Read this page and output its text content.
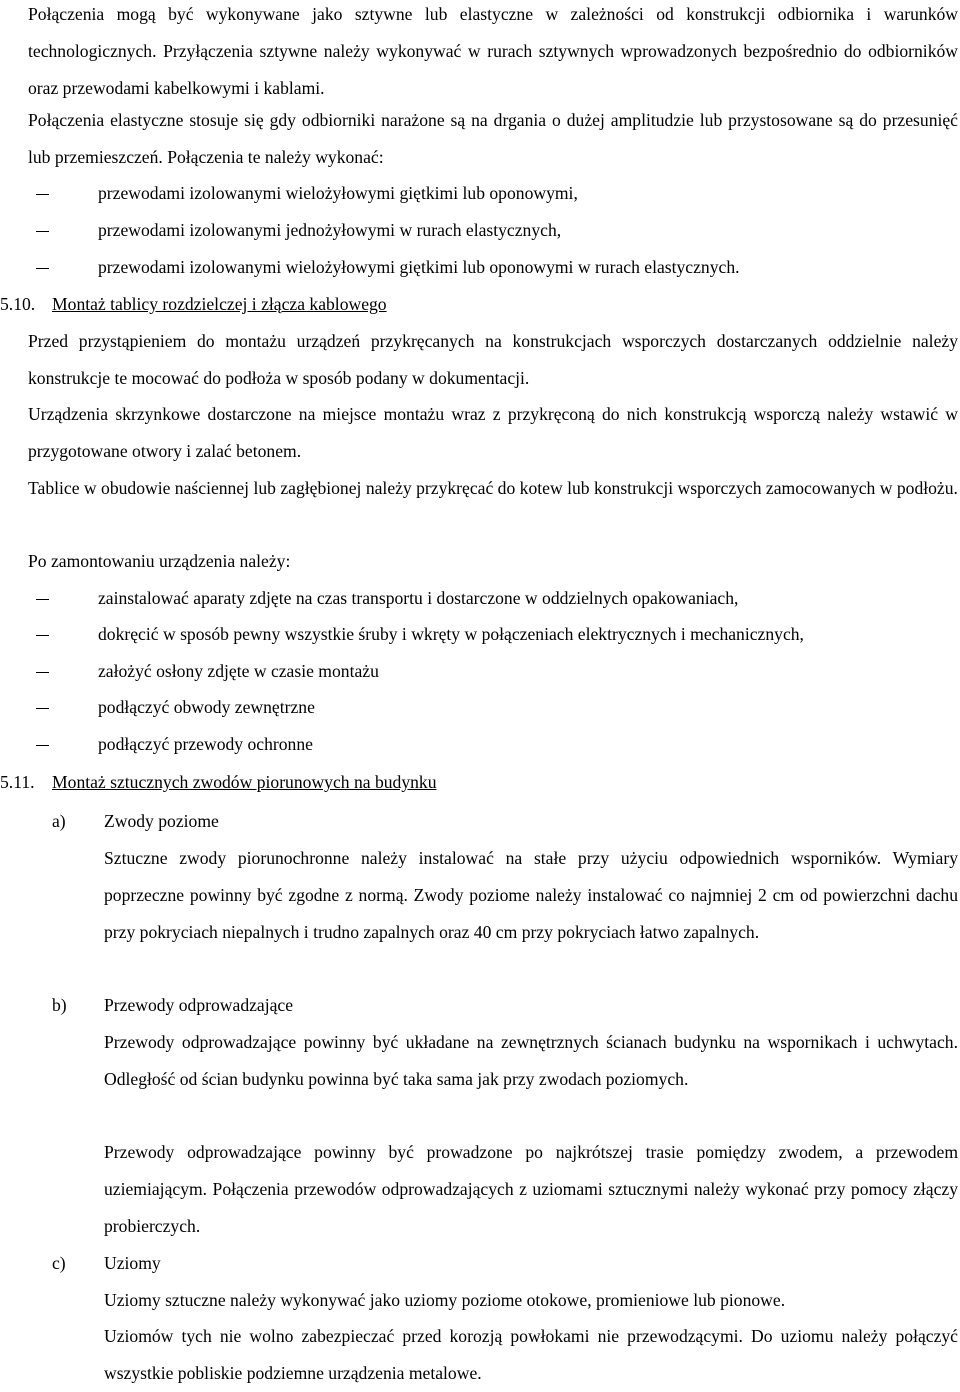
Połączenia mogą być wykonywane jako sztywne lub elastyczne w zależności od konstrukcji odbiornika i warunków technologicznych. Przyłączenia sztywne należy wykonywać w rurach sztywnych wprowadzonych bezpośrednio do odbiorników oraz przewodami kabelkowymi i kablami.
Połączenia elastyczne stosuje się gdy odbiorniki narażone są na drgania o dużej amplitudzie lub przystosowane są do przesunięć lub przemieszczeń. Połączenia te należy wykonać:
przewodami izolowanymi wielożyłowymi giętkimi lub oponowymi,
przewodami izolowanymi jednożyłowymi w rurach elastycznych,
przewodami izolowanymi wielożyłowymi giętkimi lub oponowymi w rurach elastycznych.
5.10. Montaż tablicy rozdzielczej i złącza kablowego
Przed przystąpieniem do montażu urządzeń przykręcanych na konstrukcjach wsporczych dostarczanych oddzielnie należy konstrukcje te mocować do podłoża w sposób podany w dokumentacji.
Urządzenia skrzynkowe dostarczone na miejsce montażu wraz z przykręconą do nich konstrukcją wsporczą należy wstawić w przygotowane otwory i zalać betonem.
Tablice w obudowie naściennej lub zagłębionej należy przykręcać do kotew lub konstrukcji wsporczych zamocowanych w podłożu.
Po zamontowaniu urządzenia należy:
zainstalować aparaty zdjęte na czas transportu i dostarczone w oddzielnych opakowaniach,
dokręcić w sposób pewny wszystkie śruby i wkręty w połączeniach elektrycznych i mechanicznych,
założyć osłony zdjęte w czasie montażu
podłączyć obwody zewnętrzne
podłączyć przewody ochronne
5.11. Montaż sztucznych zwodów piorunowych na budynku
a) Zwody poziome
Sztuczne zwody piorunochronne należy instalować na stałe przy użyciu odpowiednich wsporników. Wymiary poprzeczne powinny być zgodne z normą. Zwody poziome należy instalować co najmniej 2 cm od powierzchni dachu przy pokryciach niepalnych i trudno zapalnych oraz 40 cm przy pokryciach łatwo zapalnych.
b) Przewody odprowadzające
Przewody odprowadzające powinny być układane na zewnętrznych ścianach budynku na wspornikach i uchwytach. Odległość od ścian budynku powinna być taka sama jak przy zwodach poziomych.
Przewody odprowadzające powinny być prowadzone po najkrótszej trasie pomiędzy zwodem, a przewodem uziemiającym. Połączenia przewodów odprowadzających z uziomami sztucznymi należy wykonać przy pomocy złączy probierczych.
c) Uziomy
Uziomy sztuczne należy wykonywać jako uziomy poziome otokowe, promieniowe lub pionowe.
Uziomów tych nie wolno zabezpieczać przed korozją powłokami nie przewodzącymi. Do uziomu należy połączyć wszystkie pobliskie podziemne urządzenia metalowe.
